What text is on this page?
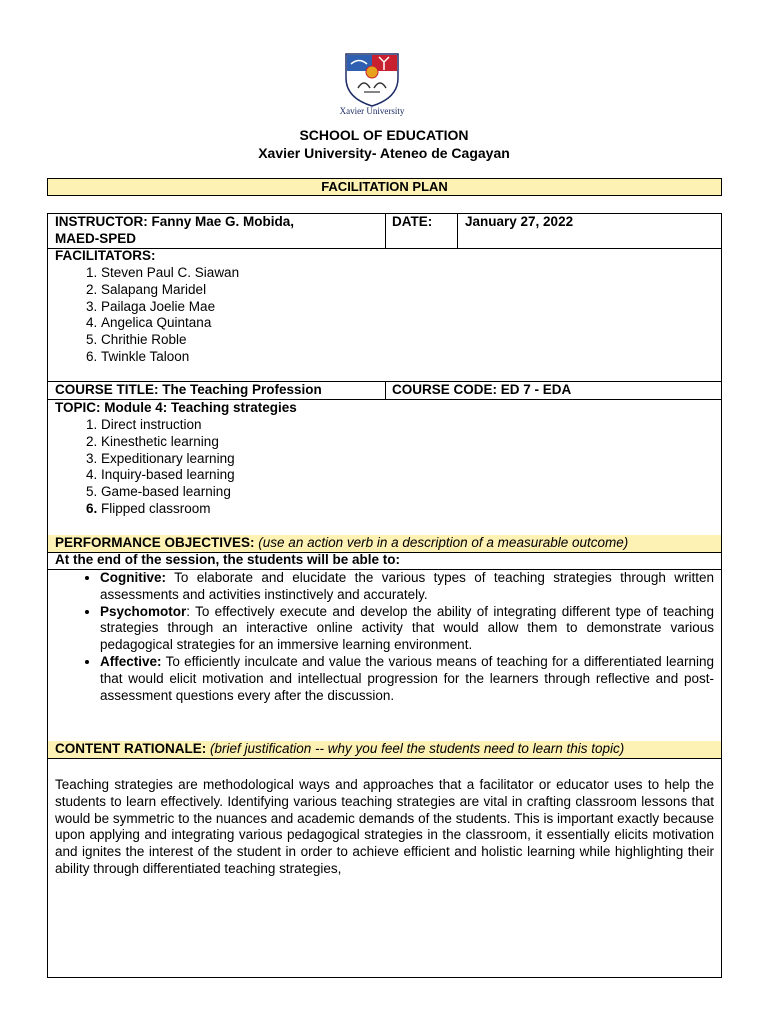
Xavier University
SCHOOL OF EDUCATION
Xavier University- Ateneo de Cagayan
FACILITATION PLAN
INSTRUCTOR: Fanny Mae G. Mobida,
MAED-SPED
DATE: January 27, 2022
FACILITATORS:
1. Steven Paul C. Siawan
2. Salapang Maridel
3. Pailaga Joelie Mae
4. Angelica Quintana
5. Chrithie Roble
6. Twinkle Taloon
COURSE TITLE: The Teaching Profession	COURSE CODE: ED 7 - EDA
TOPIC: Module 4: Teaching strategies
1. Direct instruction
2. Kinesthetic learning
3. Expeditionary learning
4. Inquiry-based learning
5. Game-based learning
6. Flipped classroom
PERFORMANCE OBJECTIVES: (use an action verb in a description of a measurable outcome)
At the end of the session, the students will be able to:
• Cognitive: To elaborate and elucidate the various types of teaching strategies through written assessments and activities instinctively and accurately.
• Psychomotor: To effectively execute and develop the ability of integrating different type of teaching strategies through an interactive online activity that would allow them to demonstrate various pedagogical strategies for an immersive learning environment.
• Affective: To efficiently inculcate and value the various means of teaching for a differentiated learning that would elicit motivation and intellectual progression for the learners through reflective and post-assessment questions every after the discussion.
CONTENT RATIONALE: (brief justification -- why you feel the students need to learn this topic)
Teaching strategies are methodological ways and approaches that a facilitator or educator uses to help the students to learn effectively. Identifying various teaching strategies are vital in crafting classroom lessons that would be symmetric to the nuances and academic demands of the students. This is important exactly because upon applying and integrating various pedagogical strategies in the classroom, it essentially elicits motivation and ignites the interest of the student in order to achieve efficient and holistic learning while highlighting their ability through differentiated teaching strategies,
